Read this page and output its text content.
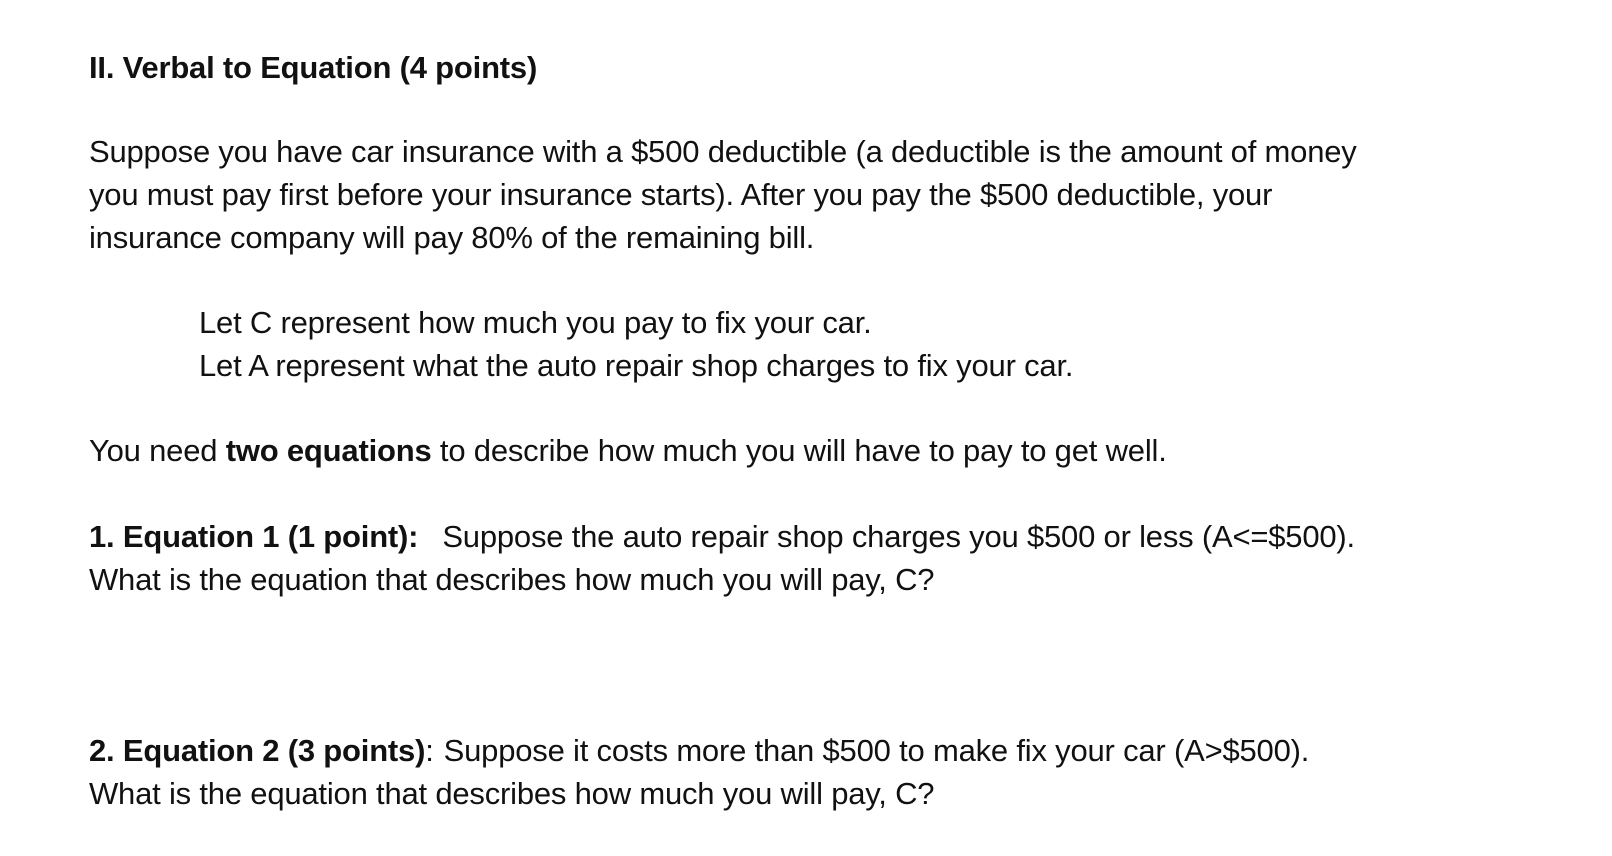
II. Verbal to Equation (4 points)
Suppose you have car insurance with a $500 deductible (a deductible is the amount of money
you must pay first before your insurance starts). After you pay the $500 deductible, your
insurance company will pay 80% of the remaining bill.
Let C represent how much you pay to fix your car.
Let A represent what the auto repair shop charges to fix your car.
You need two equations to describe how much you will have to pay to get well.
1. Equation 1 (1 point): Suppose the auto repair shop charges you $500 or less (A<=$500).
What is the equation that describes how much you will pay, C?
2. Equation 2 (3 points): Suppose it costs more than $500 to make fix your car (A>$500).
What is the equation that describes how much you will pay, C?
